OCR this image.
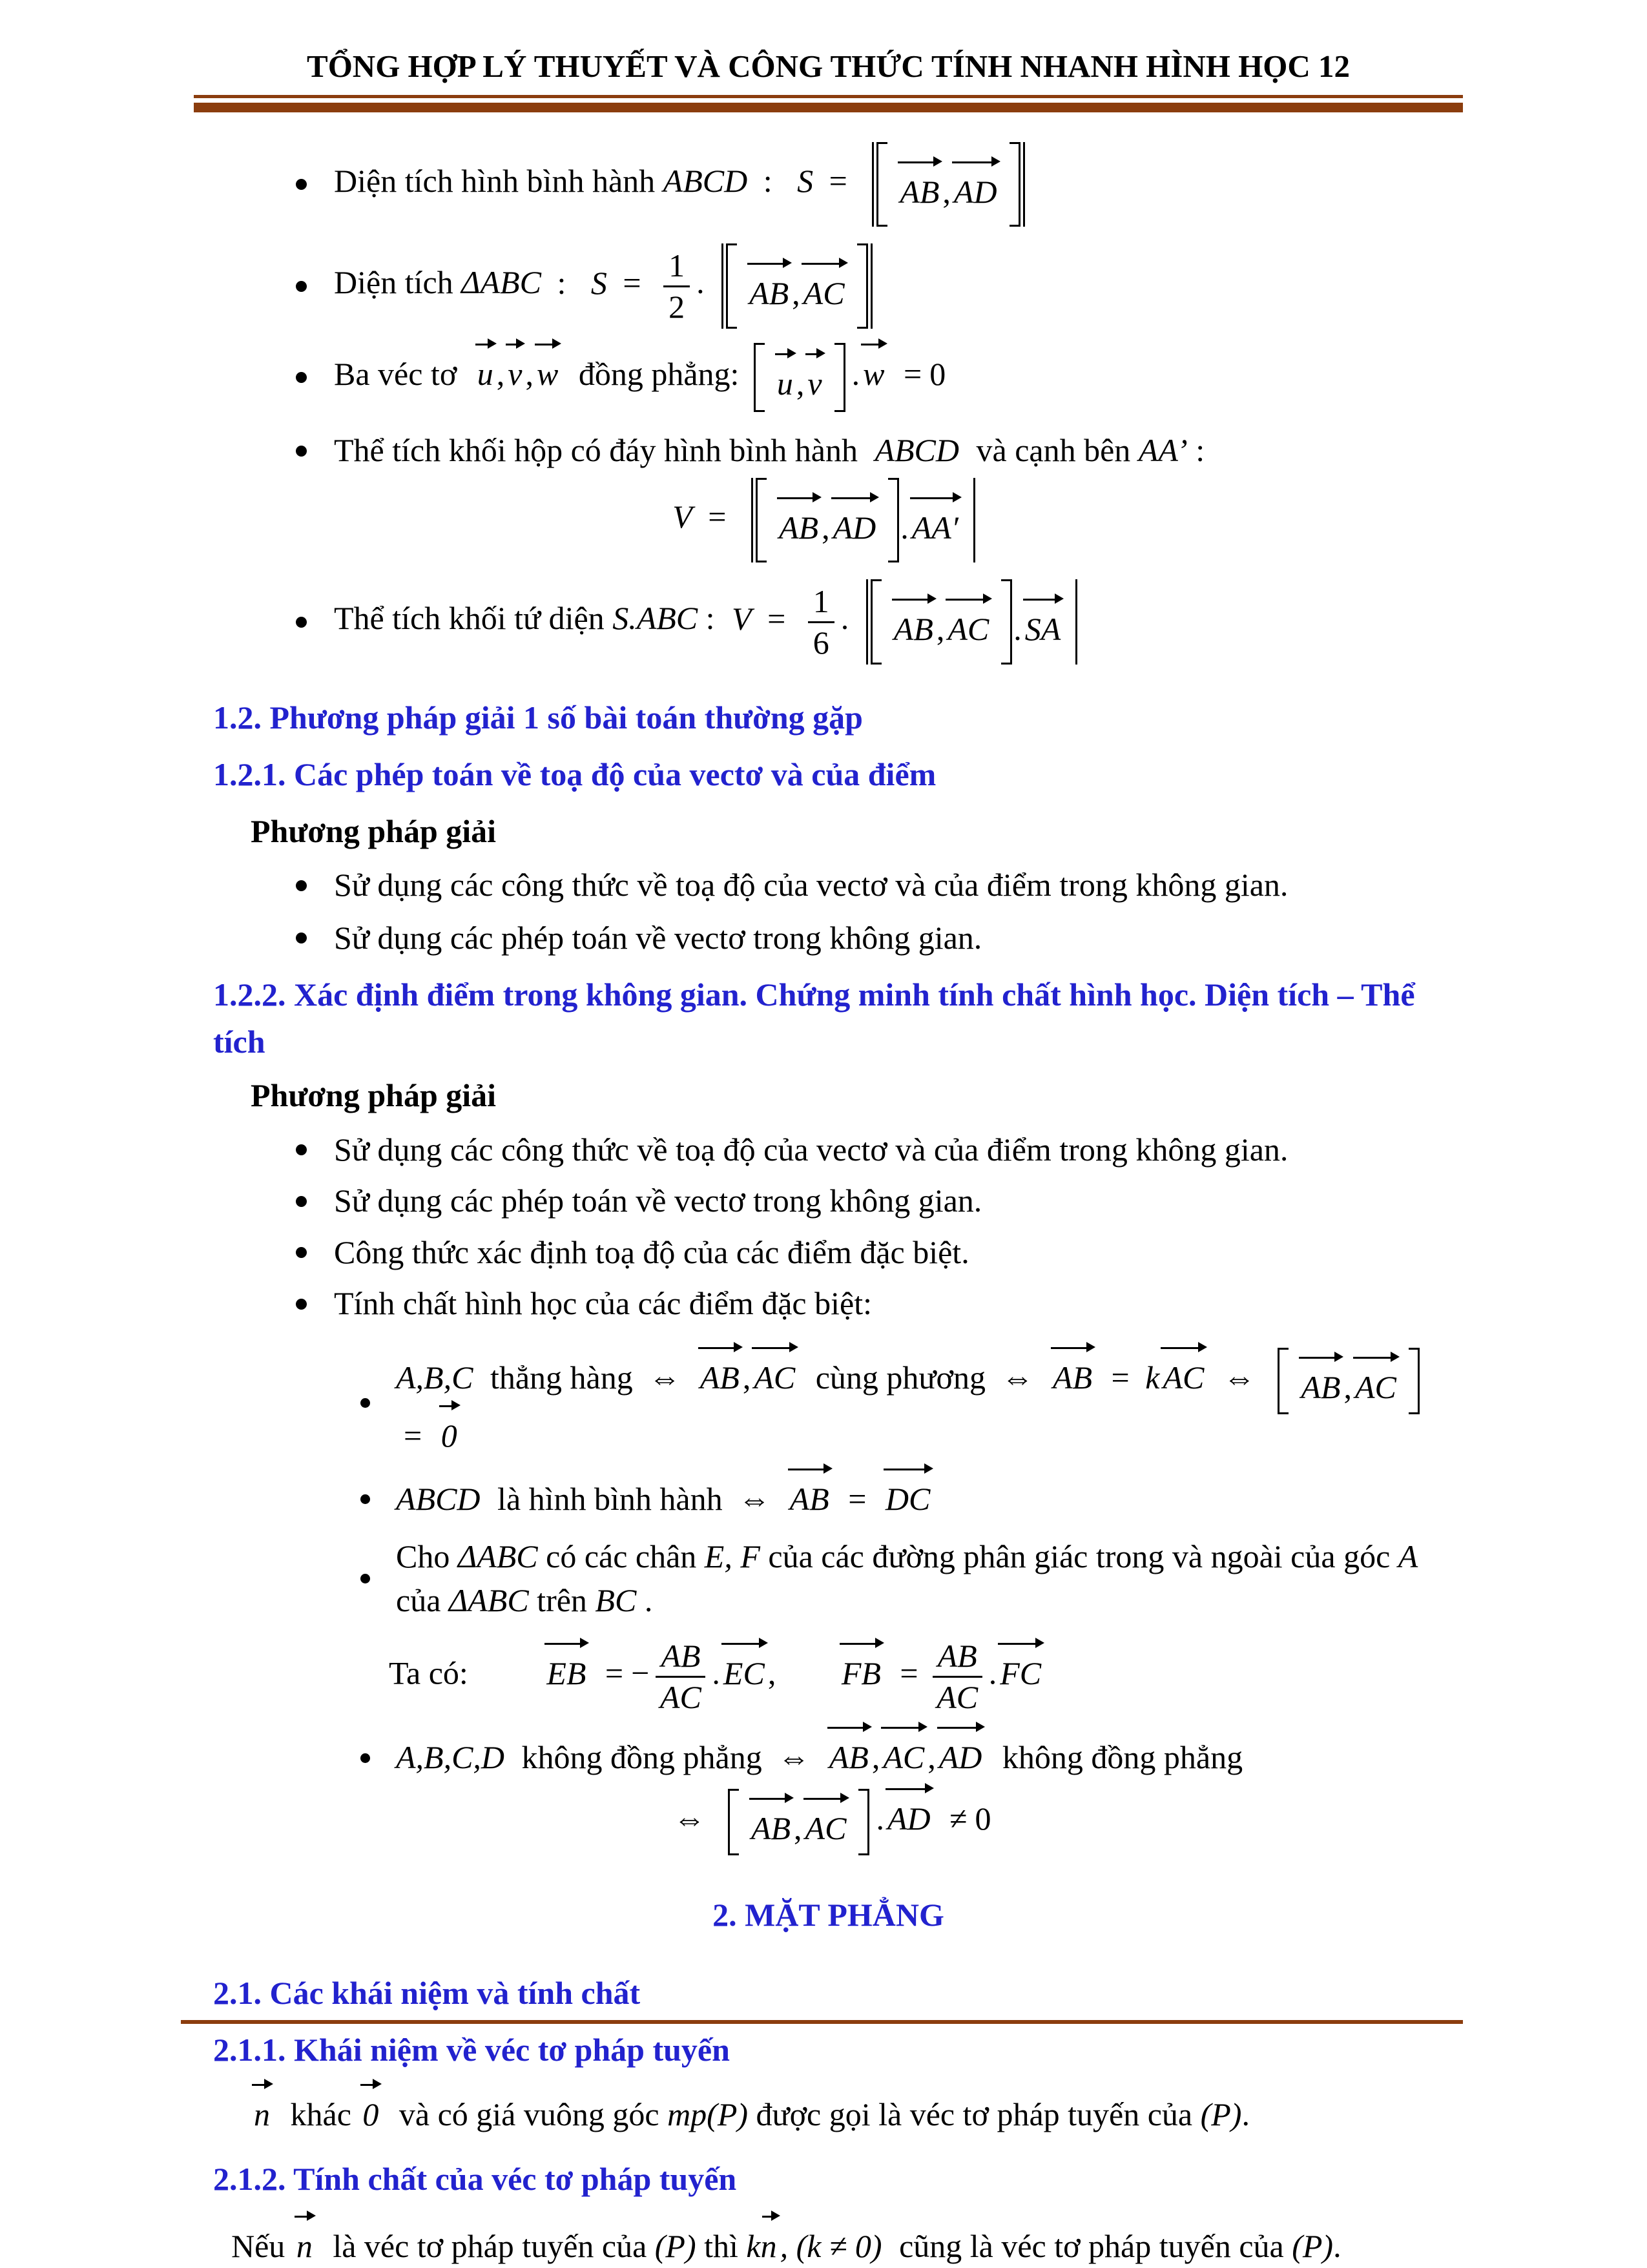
TỔNG HỢP LÝ THUYẾT VÀ CÔNG THỨC TÍNH NHANH HÌNH HỌC 12
Diện tích hình bình hành ABCD : S = ‖ AB , AD ‖
Diện tích ΔABC : $S = \frac{1}{2}$ . ‖ AB , AC ‖
Ba véc tơ u , v , w đồng phẳng: u , v . w = 0
Thể tích khối hộp có đáy hình bình hành ABCD và cạnh bên AA’ :
V = AB , AD . AA′
Thể tích khối tứ diện S.ABC : $V = \frac{1}{6}$ . AB , AC . SA
1.2. Phương pháp giải 1 số bài toán thường gặp
1.2.1. Các phép toán về toạ độ của vectơ và của điểm
Phương pháp giải
Sử dụng các công thức về toạ độ của vectơ và của điểm trong không gian.
Sử dụng các phép toán về vectơ trong không gian.
1.2.2. Xác định điểm trong không gian. Chứng minh tính chất hình học. Diện tích – Thể tích
Phương pháp giải
Sử dụng các công thức về toạ độ của vectơ và của điểm trong không gian.
Sử dụng các phép toán về vectơ trong không gian.
Công thức xác định toạ độ của các điểm đặc biệt.
Tính chất hình học của các điểm đặc biệt:
A,B,C thẳng hàng ⇔ AB , AC cùng phương ⇔ AB = k AC ⇔ AB , AC
= 0
ABCD là hình bình hành ⇔ AB = DC
Cho ΔABC có các chân E, F của các đường phân giác trong và ngoài của góc A của ΔABC trên BC .
Ta có: EB = − $\frac{AB}{AC}$ . EC , FB = $\frac{AB}{AC}$ . FC
A,B,C,D không đồng phẳng ⇔ AB , AC , AD không đồng phẳng
⇔ AB , AC . AD ≠ 0
2. MẶT PHẲNG
2.1. Các khái niệm và tính chất
2.1.1. Khái niệm về véc tơ pháp tuyến
n khác 0 và có giá vuông góc mp(P) được gọi là véc tơ pháp tuyến của (P).
2.1.2. Tính chất của véc tơ pháp tuyến
Nếu n là véc tơ pháp tuyến của (P) thì kn , (k ≠ 0) cũng là véc tơ pháp tuyến của (P).
